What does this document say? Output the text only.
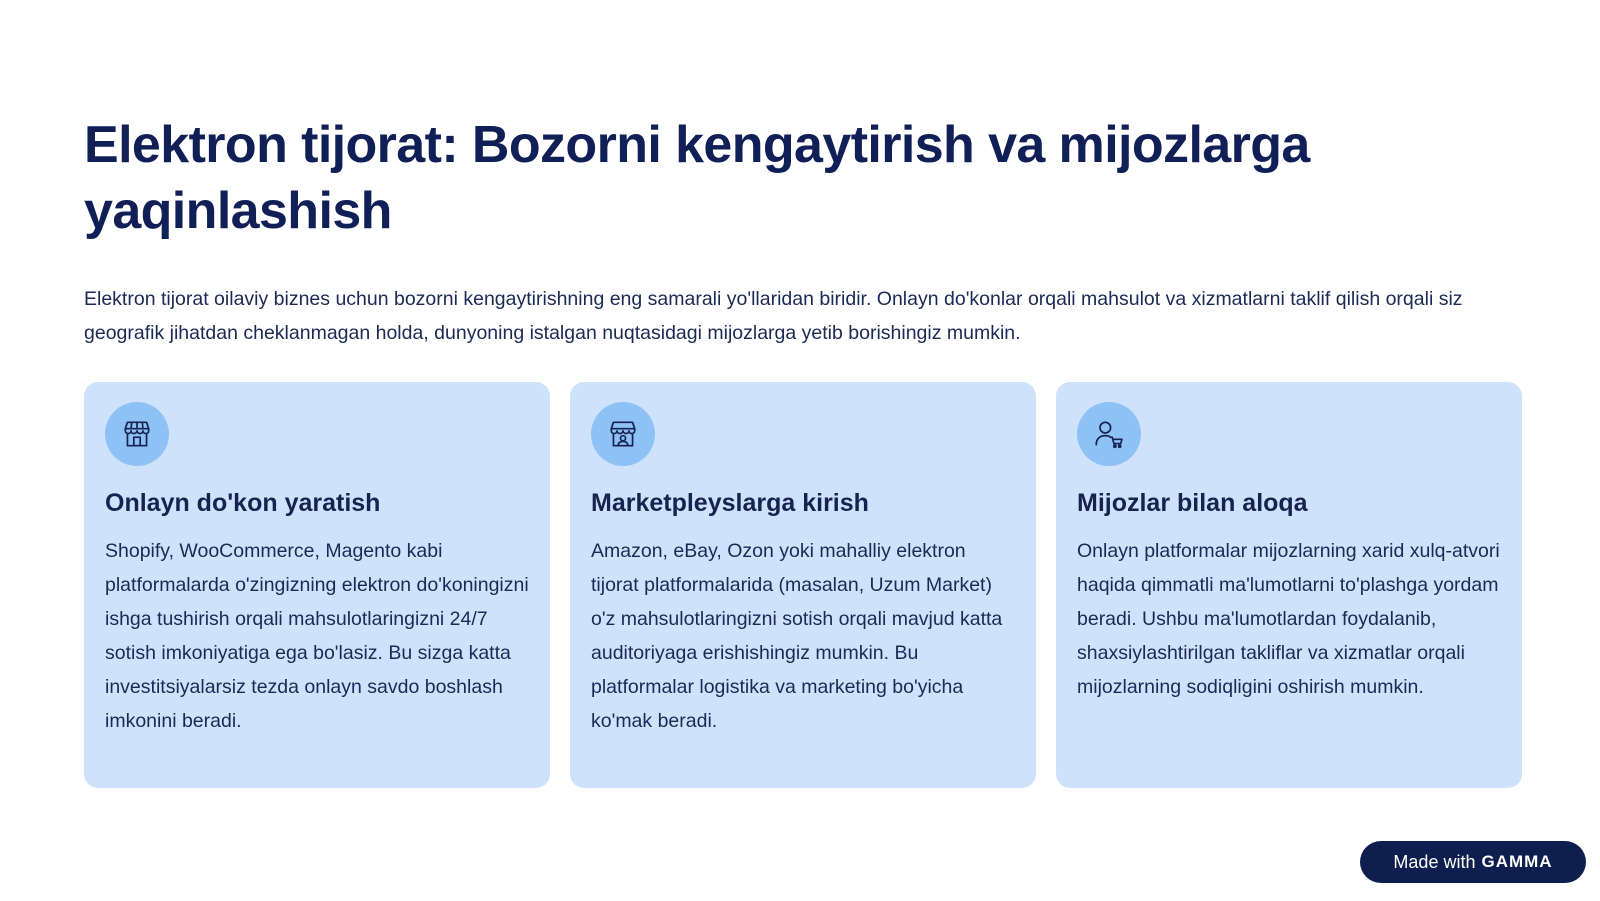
Elektron tijorat: Bozorni kengaytirish va mijozlarga yaqinlashish

Elektron tijorat oilaviy biznes uchun bozorni kengaytirishning eng samarali yo'llaridan biridir. Onlayn do'konlar orqali mahsulot va xizmatlarni taklif qilish orqali siz geografik jihatdan cheklanmagan holda, dunyoning istalgan nuqtasidagi mijozlarga yetib borishingiz mumkin.

Onlayn do'kon yaratish

Shopify, WooCommerce, Magento kabi platformalarda o'zingizning elektron do'koningizni ishga tushirish orqali mahsulotlaringizni 24/7 sotish imkoniyatiga ega bo'lasiz. Bu sizga katta investitsiyalarsiz tezda onlayn savdo boshlash imkonini beradi.

Marketpleyslarga kirish

Amazon, eBay, Ozon yoki mahalliy elektron tijorat platformalarida (masalan, Uzum Market) o'z mahsulotlaringizni sotish orqali mavjud katta auditoriyaga erishishingiz mumkin. Bu platformalar logistika va marketing bo'yicha ko'mak beradi.

Mijozlar bilan aloqa

Onlayn platformalar mijozlarning xarid xulq-atvori haqida qimmatli ma'lumotlarni to'plashga yordam beradi. Ushbu ma'lumotlardan foydalanib, shaxsiylashtirilgan takliflar va xizmatlar orqali mijozlarning sodiqligini oshirish mumkin.

Made with GAMMA
